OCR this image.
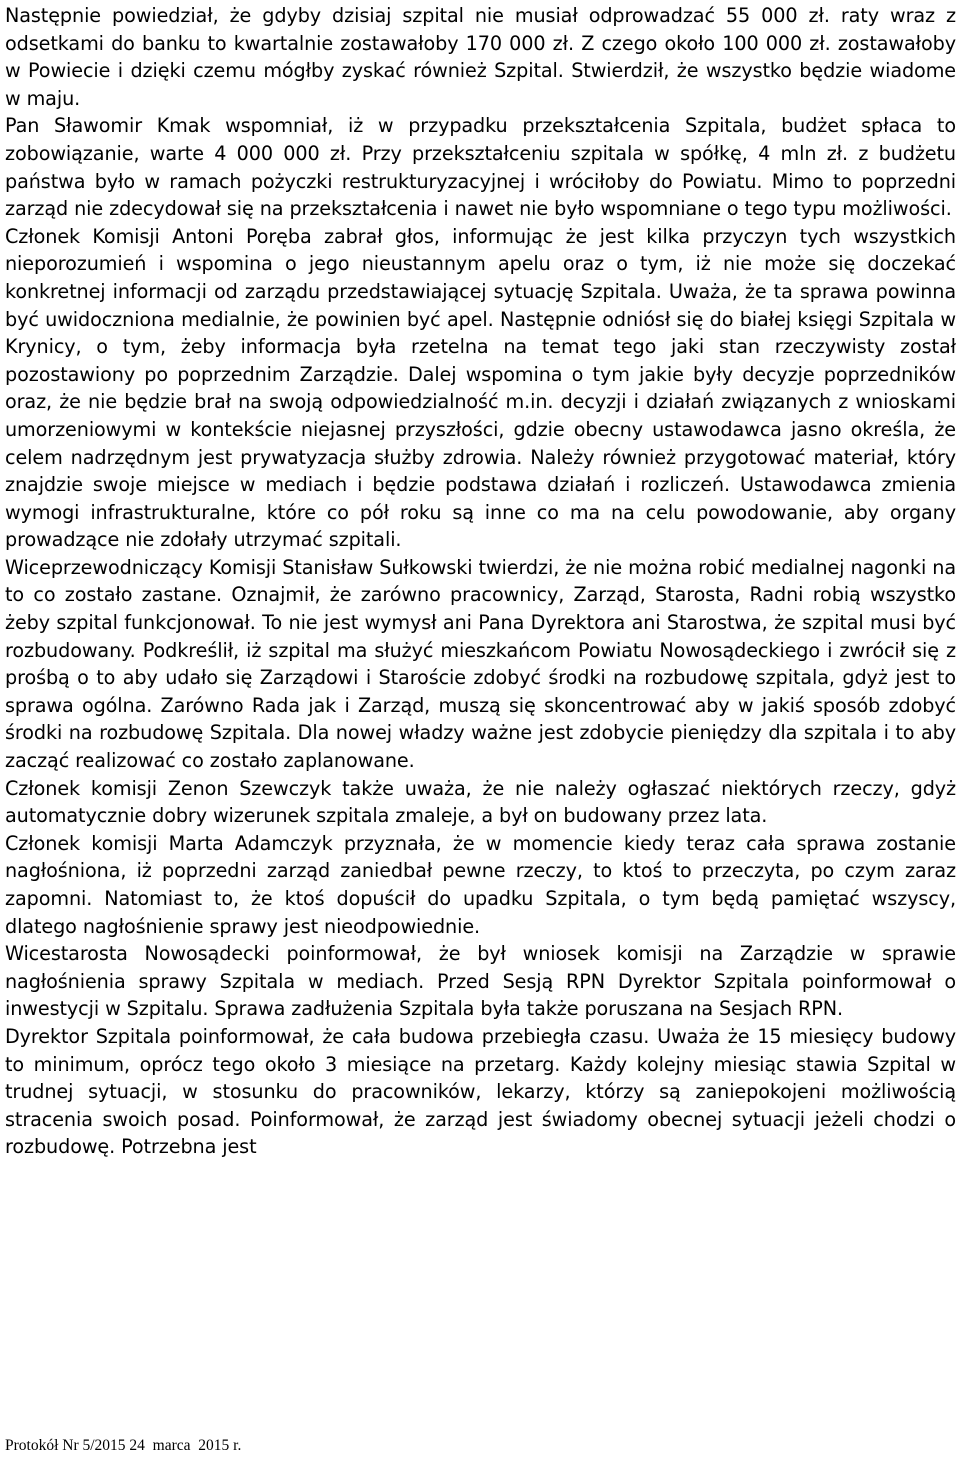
Następnie powiedział, że gdyby dzisiaj szpital nie musiał odprowadzać 55 000 zł. raty wraz z odsetkami do banku to kwartalnie zostawałoby 170 000 zł. Z czego około 100 000 zł. zostawałoby w Powiecie i dzięki czemu mógłby zyskać również Szpital. Stwierdził, że wszystko będzie wiadome w maju.

Pan Sławomir Kmak wspomniał, iż w przypadku przekształcenia Szpitala, budżet spłaca to zobowiązanie, warte 4 000 000 zł. Przy przekształceniu szpitala w spółkę, 4 mln zł. z budżetu państwa było w ramach pożyczki restrukturyzacyjnej i wróciłoby do Powiatu. Mimo to poprzedni zarząd nie zdecydował się na przekształcenia i nawet nie było wspomniane o tego typu możliwości.

Członek Komisji Antoni Poręba zabrał głos, informując że jest kilka przyczyn tych wszystkich nieporozumień i wspomina o jego nieustannym apelu oraz o tym, iż nie może się doczekać konkretnej informacji od zarządu przedstawiającej sytuację Szpitala. Uważa, że ta sprawa powinna być uwidoczniona medialnie, że powinien być apel. Następnie odniósł się do białej księgi Szpitala w Krynicy, o tym, żeby informacja była rzetelna na temat tego jaki stan rzeczywisty został pozostawiony po poprzednim Zarządzie. Dalej wspomina o tym jakie były decyzje poprzedników oraz, że nie będzie brał na swoją odpowiedzialność m.in. decyzji i działań związanych z wnioskami umorzeniowymi w kontekście niejasnej przyszłości, gdzie obecny ustawodawca jasno określa, że celem nadrzędnym jest prywatyzacja służby zdrowia. Należy również przygotować materiał, który znajdzie swoje miejsce w mediach i będzie podstawa działań i rozliczeń. Ustawodawca zmienia wymogi infrastrukturalne, które co pół roku są inne co ma na celu powodowanie, aby organy prowadzące nie zdołały utrzymać szpitali.

Wiceprzewodniczący Komisji Stanisław Sułkowski twierdzi, że nie można robić medialnej nagonki na to co zostało zastane. Oznajmił, że zarówno pracownicy, Zarząd, Starosta, Radni robią wszystko żeby szpital funkcjonował. To nie jest wymysł ani Pana Dyrektora ani Starostwa, że szpital musi być rozbudowany. Podkreślił, iż szpital ma służyć mieszkańcom Powiatu Nowosądeckiego i zwrócił się z prośbą o to aby udało się Zarządowi i Staroście zdobyć środki na rozbudowę szpitala, gdyż jest to sprawa ogólna. Zarówno Rada jak i Zarząd, muszą się skoncentrować aby w jakiś sposób zdobyć środki na rozbudowę Szpitala. Dla nowej władzy ważne jest zdobycie pieniędzy dla szpitala i to aby zacząć realizować co zostało zaplanowane.

Członek komisji Zenon Szewczyk także uważa, że nie należy ogłaszać niektórych rzeczy, gdyż automatycznie dobry wizerunek szpitala zmaleje, a był on budowany przez lata.

Członek komisji Marta Adamczyk przyznała, że w momencie kiedy teraz cała sprawa zostanie nagłośniona, iż poprzedni zarząd zaniedbał pewne rzeczy, to ktoś to przeczyta, po czym zaraz zapomni. Natomiast to, że ktoś dopuścił do upadku Szpitala, o tym będą pamiętać wszyscy, dlatego nagłośnienie sprawy jest nieodpowiednie.

Wicestarosta Nowosądecki poinformował, że był wniosek komisji na Zarządzie w sprawie nagłośnienia sprawy Szpitala w mediach. Przed Sesją RPN Dyrektor Szpitala poinformował o inwestycji w Szpitalu. Sprawa zadłużenia Szpitala była także poruszana na Sesjach RPN.

Dyrektor Szpitala poinformował, że cała budowa przebiegła czasu. Uważa że 15 miesięcy budowy to minimum, oprócz tego około 3 miesiące na przetarg. Każdy kolejny miesiąc stawia Szpital w trudnej sytuacji, w stosunku do pracowników, lekarzy, którzy są zaniepokojeni możliwością stracenia swoich posad. Poinformował, że zarząd jest świadomy obecnej sytuacji jeżeli chodzi o rozbudowę. Potrzebna jest

Protokół Nr 5/2015 24  marca  2015 r.
